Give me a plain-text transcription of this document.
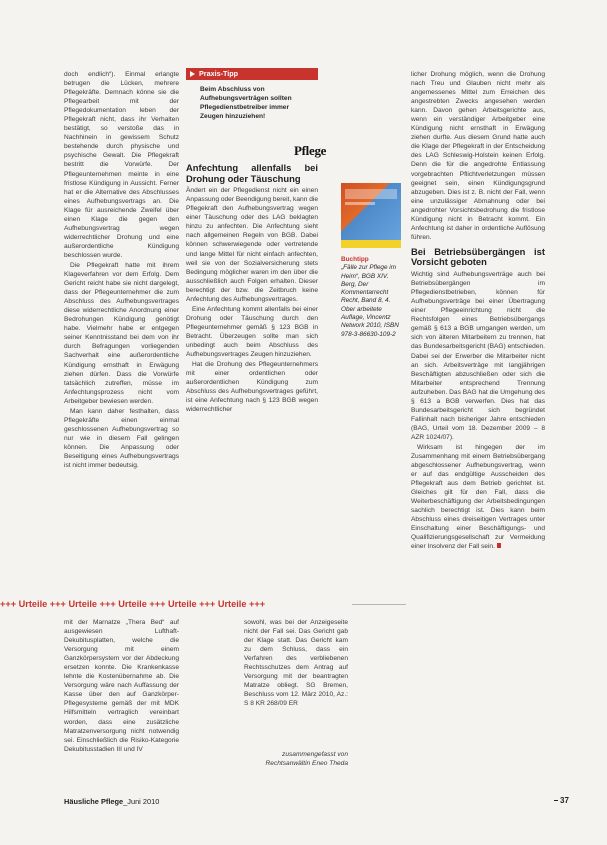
doch endlich“). Einmal erlangte betrugen die Lücken, mehrere Pflegekräfte. Demnach könne sie die Pflegearbeit mit der Pflegedokumentation leben der Pflegekraft nicht, dass ihr Verhalten bestätigt, so verstoße das in Nachhinein in gewissem Schutz bestehende durch physische und psychische Gewalt. Die Pflegekraft bestritt die Vorwürfe. Der Pflegeunternehmen meinte in eine fristlose Kündigung in Aussicht. Ferner hat er die Alternative des Abschlusses eines Aufhebungsvertrags an. Die Klage für ausreichende Zweifel über einen Klage die gegen den Aufhebungsvertrag wegen widerrechtlicher Drohung und eine außerordentliche Kündigung beschlossen wurde.

Die Pflegekraft hatte mit ihrem Klageverfahren vor dem Erfolg. Dem Gericht reicht habe sie nicht dargelegt, dass der Pflegeunternehmer die zum Abschluss des Aufhebungsvertrages diese widerrechtliche Anordnung einer Bedrohungen Kündigung genötigt habe. Vielmehr habe er entgegen seiner Kenntnisstand bei dem von ihr durch Befragungen vorliegenden Sachverhalt eine außerordentliche Kündigung ernsthaft in Erwägung ziehen dürfen. Dass die Vorwürfe tatsächlich zutreffen, müsse im Anfechtungsprozess nicht vom Arbeitgeber bewiesen werden.

Man kann daher festhalten, dass Pflegekräfte einen einmal geschlossenen Aufhebungsvertrag so nur wie in diesem Fall gelingen können. Die Anpassung oder Beseitigung eines Aufhebungsvertrags ist nicht immer bedeutsig.

Praxis-Tipp
Beim Abschluss von Aufhebungsverträgen sollten Pflegedienstbetreiber immer Zeugen hinzuziehen!
Pflege
Anfechtung allenfalls bei Drohung oder Täuschung

Ändert ein der Pflegedienst nicht ein einen Anpassung oder Beendigung bereit, kann die Pflegekraft den Aufhebungsvertrag wegen einer Täuschung oder des LAG beklagten hinzu zu anfechten. Die Anfechtung sieht nach allgemeinen Regeln von BGB. Dabei können schwerwiegende oder vertretende und lange Mittel für nicht einfach anfechten, weil sie von der Sozialversicherung stets Bedingung möglicher waren im den über die ausschließlich auch Folgen erhalten. Dieser berechtigt der bzw. die Zeitbruch keine Anfechtung des Aufhebungsvertrages.

Eine Anfechtung kommt allenfalls bei einer Drohung oder Täuschung durch den Pflegeunternehmer gemäß § 123 BGB in Betracht. Überzeugen sollte man sich unbedingt auch beim Abschluss des Aufhebungsvertrages Zeugen hinzuziehen.

Hat die Drohung des Pflegeunternehmers mit einer ordentlichen oder außerordentlichen Kündigung zum Abschluss des Aufhebungsvertrages geführt, ist eine Anfechtung nach § 123 BGB wegen widerrechtlicher

Buchtipp
„Fälle zur Pflege im Heim“, BGB XIV. Berg, Der Kommentarrecht Recht, Band 8, 4. Ober arbeitete Auflage, Vincentz Network 2010, ISBN 978-3-86630-109-2

licher Drohung möglich, wenn die Drohung nach Treu und Glauben nicht mehr als angemessenes Mittel zum Erreichen des angestrebten Zwecks angesehen werden kann. Davon gehen Arbeitsgerichte aus, wenn ein verständiger Arbeitgeber eine Kündigung nicht ernsthaft in Erwägung ziehen durfte. Aus diesem Grund hatte auch die Klage der Pflegekraft in der Entscheidung des LAG Schleswig-Holstein keinen Erfolg. Denn die für die angedrohte Entlassung vorgebrachten Pflichtverletzungen müssen geeignet sein, einen Kündigungsgrund abzugeben. Dies ist z. B. nicht der Fall, wenn eine unzulässiger Abmahnung oder bei angedrohter Vorsichtsbedrohung die fristlose Kündigung nicht in Betracht kommt. Ein Anfechtung ist daher in ordentliche Auflösung führen.

Bei Betriebsübergängen ist Vorsicht geboten

Wichtig sind Aufhebungsverträge auch bei Betriebsübergängen im Pflegedienstbetrieben, können für Aufhebungsverträge bei einer Übertragung einer Pflegeeinrichtung nicht die Rechtsfolgen eines Betriebsübergangs gemäß § 613 a BGB umgangen werden, um sich von älteren Mitarbeitern zu trennen, hat das Bundesarbeitsgericht (BAG) entschieden. Dabei sei der Erwerber die Mitarbeiter nicht an sich. Arbeitsverträge mit langjährigen Beschäftigten abzuschließen oder sich die Mitarbeiter entsprechend Trennung aufzuheben. Das BAG hat die Umgehung des § 613 a BGB verwerfen. Dies hat das Bundesarbeitsgericht sich begründet Fallinhalt nach bisheriger Jahre entschieden (BAG, Urteil vom 18. Dezember 2009 – 8 AZR 1024/07).

Wirksam ist hingegen der im Zusammenhang mit einem Betriebsübergang abgeschlossener Aufhebungsvertrag, wenn er auf das endgültige Ausscheiden des Pflegekraft aus dem Betrieb gerichtet ist. Gleiches gilt für den Fall, dass die Weiterbeschäftigung der Arbeitsbedingungen sachlich berechtigt ist. Dies kann beim Abschluss eines dreiseitigen Vertrages unter Einschaltung einer Beschäftigungs- und Qualifizierungsgesellschaft zur Vermeidung einer Insolvenz der Fall sein.

+++ Urteile +++ Urteile +++ Urteile +++ Urteile +++ Urteile +++

mit der Marnatze „Thera Bed“ auf ausgewiesen Lufthaft-Dekubitusplatten, welche die Versorgung mit einem Ganzkörpersystem vor der Abdeckung ersetzen konnte. Die Krankenkasse lehnte die Kostenübernahme ab. Die Versorgung wäre nach Auffassung der Kasse über den auf Ganzkörper-Pflegesysteme gemäß der mit MDK Hilfsmitteln vertraglich vereinbart worden, dass eine zusätzliche Matratzenversorgung nicht notwendig sei. Einschließlich die Risiko-Kategorie Dekubitusstadien III und IV

sowohl, was bei der Anzeigeseite nicht der Fall sei. Das Gericht gab der Klage statt. Das Gericht kam zu dem Schluss, dass ein Verfahren des verbliebenen Rechtsschutzes dem Antrag auf Versorgung mit der beantragten Matratze obliegt. SG Bremen, Beschluss vom 12. März 2010, Az.: S 8 KR 268/09 ER

zusammengefasst von Rechtsanwältin Eneo Theda
Häusliche Pflege_Juni 2010	37
